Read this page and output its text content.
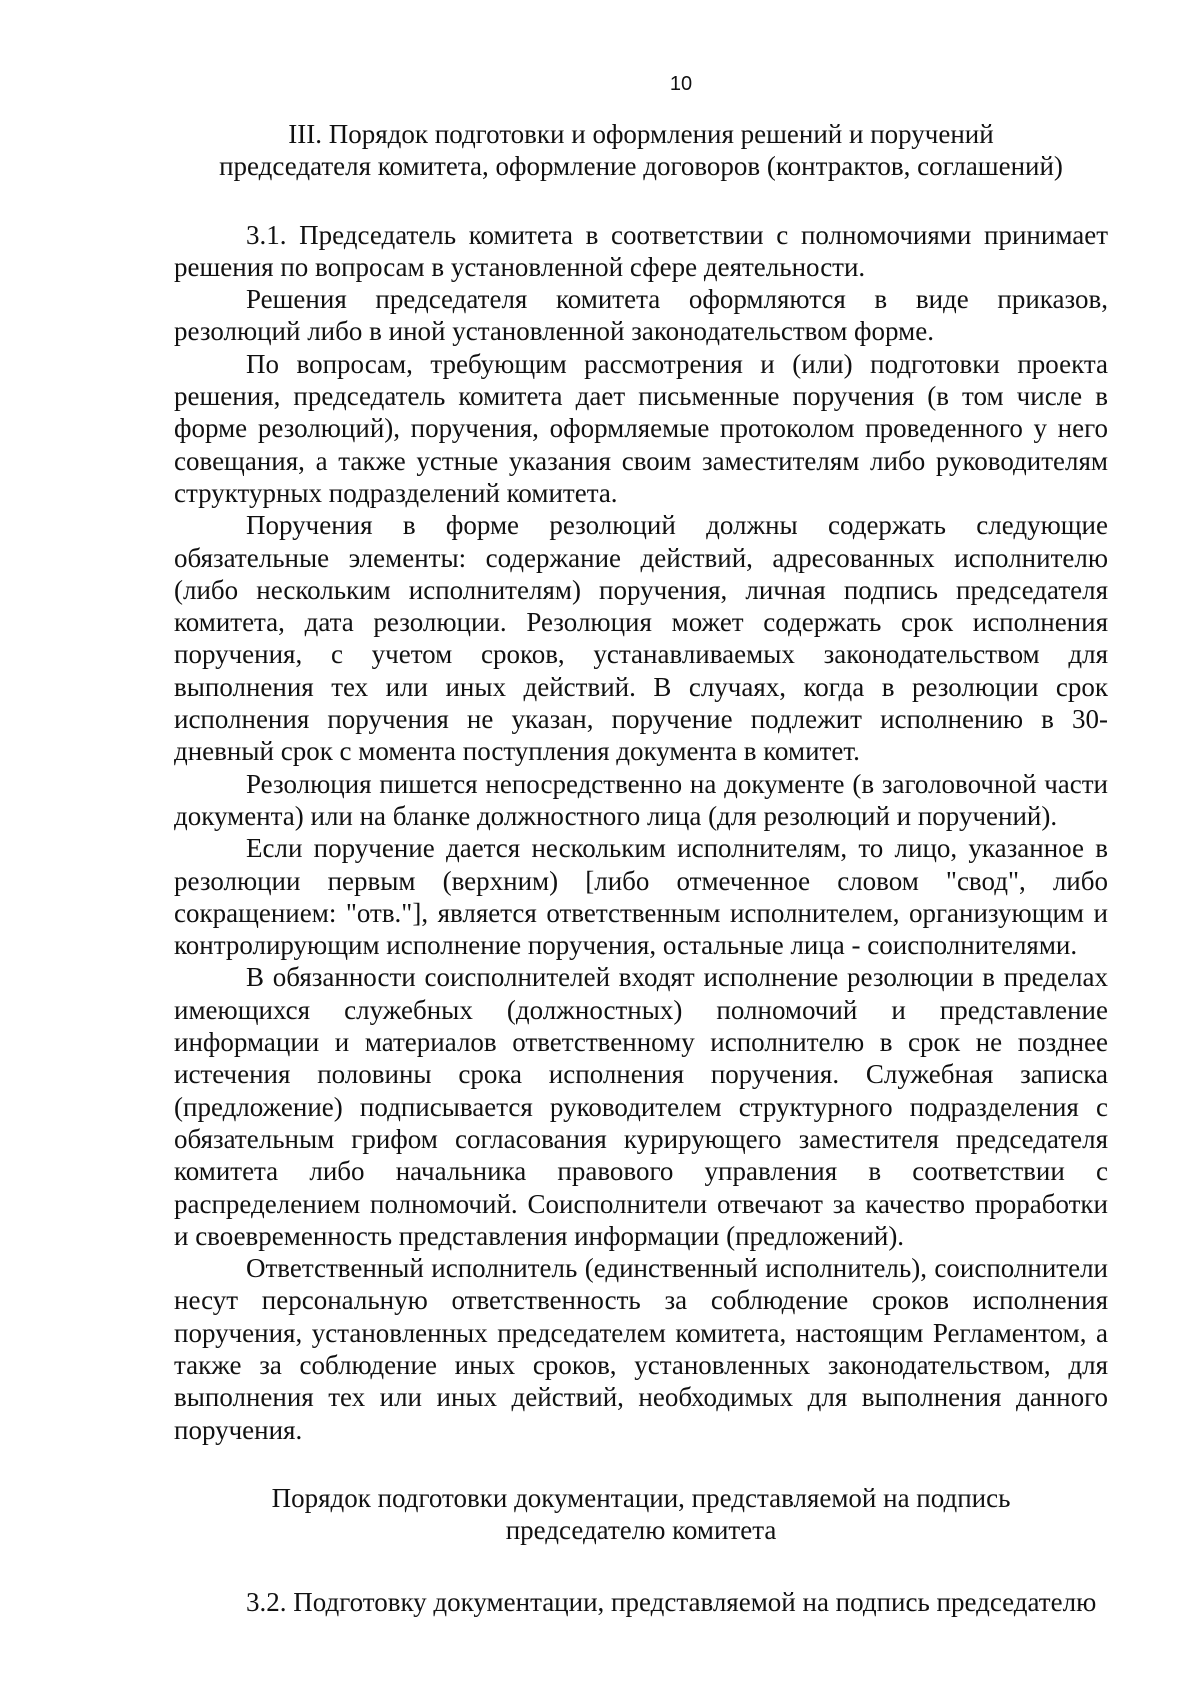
10
III. Порядок подготовки и оформления решений и поручений
председателя комитета, оформление договоров (контрактов, соглашений)

3.1. Председатель комитета в соответствии с полномочиями принимает решения по вопросам в установленной сфере деятельности.

Решения председателя комитета оформляются в виде приказов, резолюций либо в иной установленной законодательством форме.

По вопросам, требующим рассмотрения и (или) подготовки проекта решения, председатель комитета дает письменные поручения (в том числе в форме резолюций), поручения, оформляемые протоколом проведенного у него совещания, а также устные указания своим заместителям либо руководителям структурных подразделений комитета.

Поручения в форме резолюций должны содержать следующие обязательные элементы: содержание действий, адресованных исполнителю (либо нескольким исполнителям) поручения, личная подпись председателя комитета, дата резолюции. Резолюция может содержать срок исполнения поручения, с учетом сроков, устанавливаемых законодательством для выполнения тех или иных действий. В случаях, когда в резолюции срок исполнения поручения не указан, поручение подлежит исполнению в 30-дневный срок с момента поступления документа в комитет.

Резолюция пишется непосредственно на документе (в заголовочной части документа) или на бланке должностного лица (для резолюций и поручений).

Если поручение дается нескольким исполнителям, то лицо, указанное в резолюции первым (верхним) [либо отмеченное словом "свод", либо сокращением: "отв."], является ответственным исполнителем, организующим и контролирующим исполнение поручения, остальные лица - соисполнителями.

В обязанности соисполнителей входят исполнение резолюции в пределах имеющихся служебных (должностных) полномочий и представление информации и материалов ответственному исполнителю в срок не позднее истечения половины срока исполнения поручения. Служебная записка (предложение) подписывается руководителем структурного подразделения с обязательным грифом согласования курирующего заместителя председателя комитета либо начальника правового управления в соответствии с распределением полномочий. Соисполнители отвечают за качество проработки и своевременность представления информации (предложений).

Ответственный исполнитель (единственный исполнитель), соисполнители несут персональную ответственность за соблюдение сроков исполнения поручения, установленных председателем комитета, настоящим Регламентом, а также за соблюдение иных сроков, установленных законодательством, для выполнения тех или иных действий, необходимых для выполнения данного поручения.

Порядок подготовки документации, представляемой на подпись
председателю комитета

3.2. Подготовку документации, представляемой на подпись председателю
